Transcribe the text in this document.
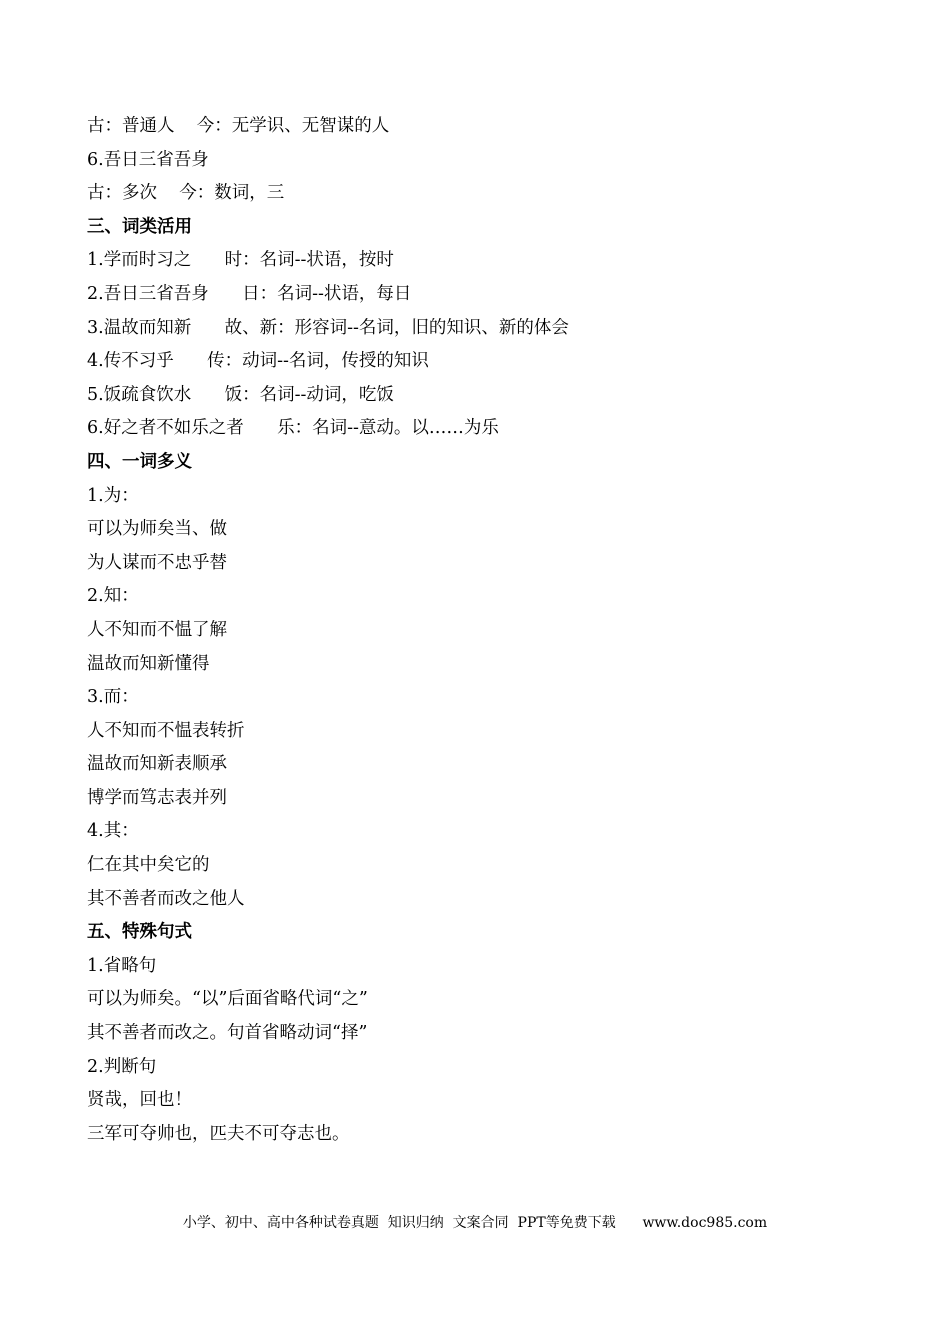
古：普通人    今：无学识、无智谋的人
6.吾日三省吾身
古：多次    今：数词，三
三、词类活用
1.学而时习之      时：名词--状语，按时
2.吾日三省吾身      日：名词--状语，每日
3.温故而知新      故、新：形容词--名词，旧的知识、新的体会
4.传不习乎      传：动词--名词，传授的知识
5.饭疏食饮水      饭：名词--动词，吃饭
6.好之者不如乐之者      乐：名词--意动。以……为乐
四、一词多义
1.为：
可以为师矣当、做
为人谋而不忠乎替
2.知：
人不知而不愠了解
温故而知新懂得
3.而：
人不知而不愠表转折
温故而知新表顺承
博学而笃志表并列
4.其：
仁在其中矣它的
其不善者而改之他人
五、特殊句式
1.省略句
可以为师矣。“以”后面省略代词“之”
其不善者而改之。句首省略动词“择”
2.判断句
贤哉，回也！
三军可夺帅也，匹夫不可夺志也。
小学、初中、高中各种试卷真题  知识归纳  文案合同  PPT等免费下载      www.doc985.com
